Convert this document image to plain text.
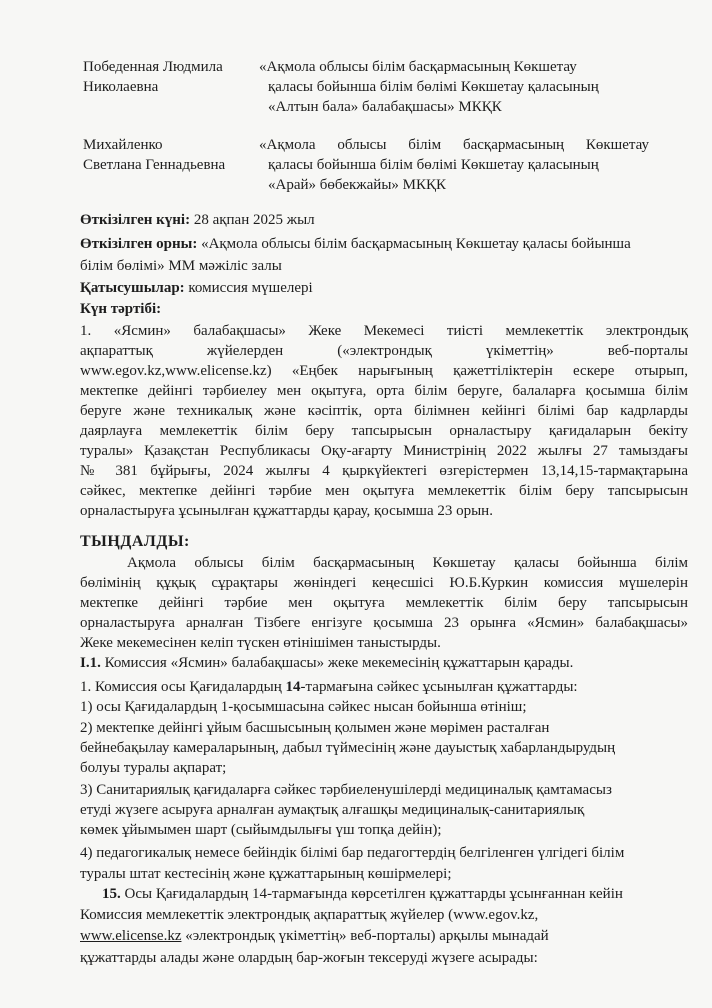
Победенная Людмила
Николаевна
«Ақмола облысы білім басқармасының Көкшетау
қаласы бойынша білім бөлімі Көкшетау қаласының
«Алтын бала» балабақшасы» МКҚК
Михайленко
Светлана Геннадьевна
«Ақмола облысы білім басқармасының Көкшетау
қаласы бойынша білім бөлімі Көкшетау қаласының
«Арай» бөбекжайы» МКҚК
Өткізілген күні: 28 ақпан 2025 жыл
Өткізілген орны: «Ақмола облысы білім басқармасының Көкшетау қаласы бойынша
білім бөлімі» ММ мәжіліс залы
Қатысушылар: комиссия мүшелері
Күн тәртібі:
1. «Ясмин» балабақшасы» Жеке Мекемесі тиісті мемлекеттік электрондық
ақпараттық жүйелерден («электрондық үкіметтің» веб-порталы
www.egov.kz,www.elicense.kz) «Еңбек нарығының қажеттіліктерін ескере отырып,
мектепке дейінгі тәрбиелеу мен оқытуға, орта білім беруге, балаларға қосымша білім
беруге және техникалық және кәсіптік, орта білімнен кейінгі білімі бар кадрларды
даярлауға мемлекеттік білім беру тапсырысын орналастыру қағидаларын бекіту
туралы» Қазақстан Республикасы Оқу-ағарту Министрінің 2022 жылғы 27 тамыздағы
№ 381 бұйрығы, 2024 жылғы 4 қыркүйектегі өзгерістермен 13,14,15-тармақтарына
сәйкес, мектепке дейінгі тәрбие мен оқытуға мемлекеттік білім беру тапсырысын
орналастыруға ұсынылған құжаттарды қарау, қосымша 23 орын.
ТЫҢДАЛДЫ:
Ақмола облысы білім басқармасының Көкшетау қаласы бойынша білім
бөлімінің құқық сұрақтары жөніндегі кеңесшісі Ю.Б.Куркин комиссия мүшелерін
мектепке дейінгі тәрбие мен оқытуға мемлекеттік білім беру тапсырысын
орналастыруға арналған Тізбеге енгізуге қосымша 23 орынға «Ясмин» балабақшасы»
Жеке мекемесінен келіп түскен өтінішімен таныстырды.
I.1. Комиссия «Ясмин» балабақшасы» жеке мекемесінің құжаттарын қарады.
1. Комиссия осы Қағидалардың 14-тармағына сәйкес ұсынылған құжаттарды:
1) осы Қағидалардың 1-қосымшасына сәйкес нысан бойынша өтініш;
2) мектепке дейінгі ұйым басшысының қолымен және мөрімен расталған
бейнебақылау камераларының, дабыл түймесінің және дауыстық хабарландырудың
болуы туралы ақпарат;
3) Санитариялық қағидаларға сәйкес тәрбиеленушілерді медициналық қамтамасыз
етуді жүзеге асыруға арналған аумақтық алғашқы медициналық-санитариялық
көмек ұйымымен шарт (сыйымдылығы үш топқа дейін);
4) педагогикалық немесе бейіндік білімі бар педагогтердің белгіленген үлгідегі білім
туралы штат кестесінің және құжаттарының көшірмелері;
15. Осы Қағидалардың 14-тармағында көрсетілген құжаттарды ұсынғаннан кейін
Комиссия мемлекеттік электрондық ақпараттық жүйелер (www.egov.kz,
www.elicense.kz «электрондық үкіметтің» веб-порталы) арқылы мынадай
құжаттарды алады және олардың бар-жоғын тексеруді жүзеге асырады:
